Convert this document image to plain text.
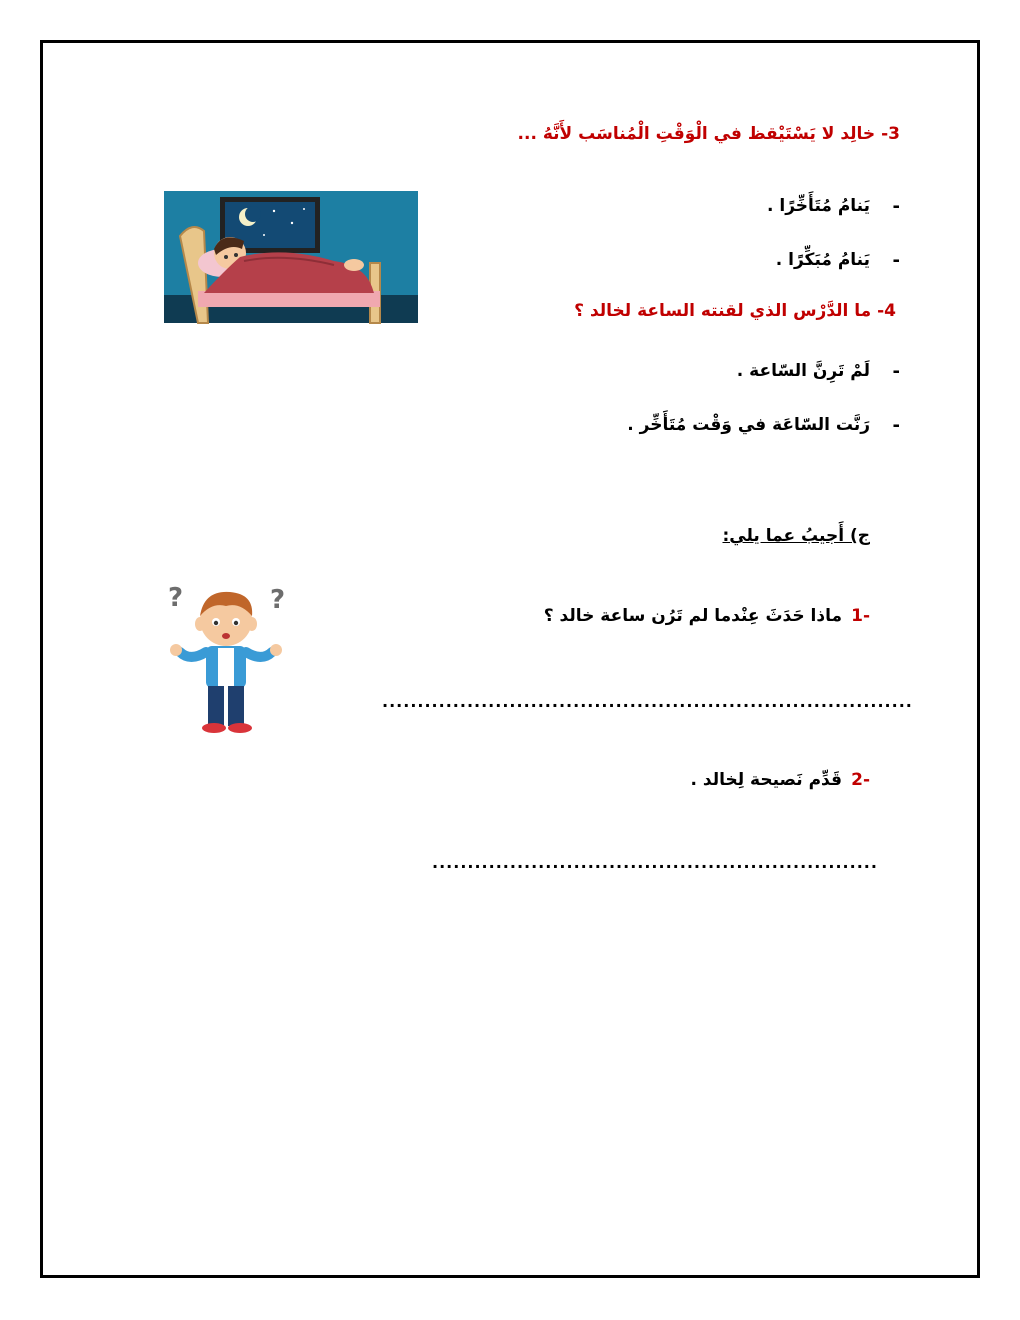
3- خالِد لا يَسْتَيْقظ في الْوَقْتِ الْمُناسَب لأَنَّهُ ...
-
يَنامُ مُتَأَخِّرًا .
-
يَنامُ مُبَكِّرًا .
4- ما الدَّرْس الذي لقنته الساعة لخالد ؟
-
لَمْ تَرِنَّ السّاعة .
-
رَنَّت السّاعَة في وَقْت مُتَأَخِّر .
ج) أَجيبُ عما يلي:
-1
ماذا حَدَثَ عِنْدما لم تَرُن ساعة خالد ؟
...........................................................................
-2
قَدِّم نَصيحة لِخالد .
...............................................................
?	?
